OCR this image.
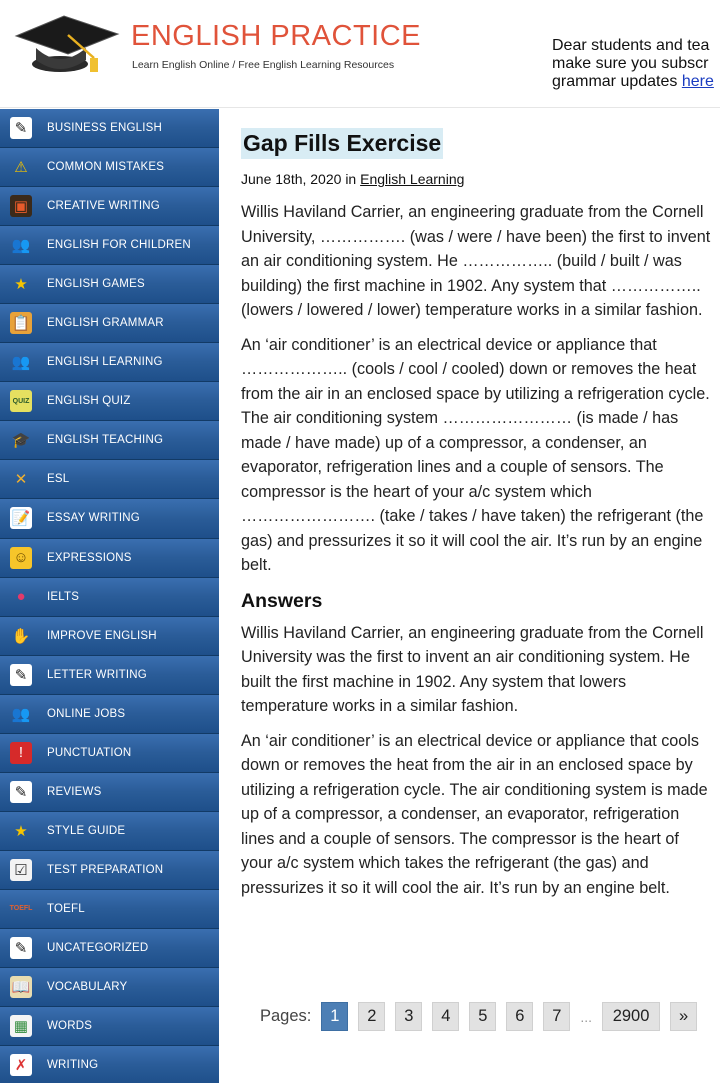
ENGLISH PRACTICE
Learn English Online / Free English Learning Resources
Dear students and tea
make sure you subscr
grammar updates here
✎	BUSINESS ENGLISH
⚠	COMMON MISTAKES
▣	CREATIVE WRITING
👥 ENGLISH FOR CHILDREN
★	ENGLISH GAMES
📋 ENGLISH GRAMMAR
👥 ENGLISH LEARNING
QUIZ ENGLISH QUIZ
🎓 ENGLISH TEACHING
✕	ESL
📝 ESSAY WRITING
☺ EXPRESSIONS
●	IELTS
✋ IMPROVE ENGLISH
✎	LETTER WRITING
👥 ONLINE JOBS
!	PUNCTUATION
✎	REVIEWS
★	STYLE GUIDE
☑	TEST PREPARATION
TOEFL TOEFL
✎	UNCATEGORIZED
📖 VOCABULARY
▦	WORDS
✗	WRITING
Gap Fills Exercise
June 18th, 2020 in English Learning

Willis Haviland Carrier, an engineering graduate from the Cornell University, ……………. (was / were / have been) the first to invent an air conditioning system. He …………….. (build / built / was building) the first machine in 1902. Any system that …………….. (lowers / lowered / lower) temperature works in a similar fashion.

An ‘air conditioner’ is an electrical device or appliance that ……………….. (cools / cool / cooled) down or removes the heat from the air in an enclosed space by utilizing a refrigeration cycle. The air conditioning system …………………… (is made / has made / have made) up of a compressor, a condenser, an evaporator, refrigeration lines and a couple of sensors. The compressor is the heart of your a/c system which ……………………. (take / takes / have taken) the refrigerant (the gas) and pressurizes it so it will cool the air. It’s run by an engine belt.

Answers

Willis Haviland Carrier, an engineering graduate from the Cornell University was the first to invent an air conditioning system. He built the first machine in 1902. Any system that lowers temperature works in a similar fashion.

An ‘air conditioner’ is an electrical device or appliance that cools down or removes the heat from the air in an enclosed space by utilizing a refrigeration cycle. The air conditioning system is made up of a compressor, a condenser, an evaporator, refrigeration lines and a couple of sensors. The compressor is the heart of your a/c system which takes the refrigerant (the gas) and pressurizes it so it will cool the air. It’s run by an engine belt.

Pages:	1	2	3	4	5	6	7	...	2900	»
